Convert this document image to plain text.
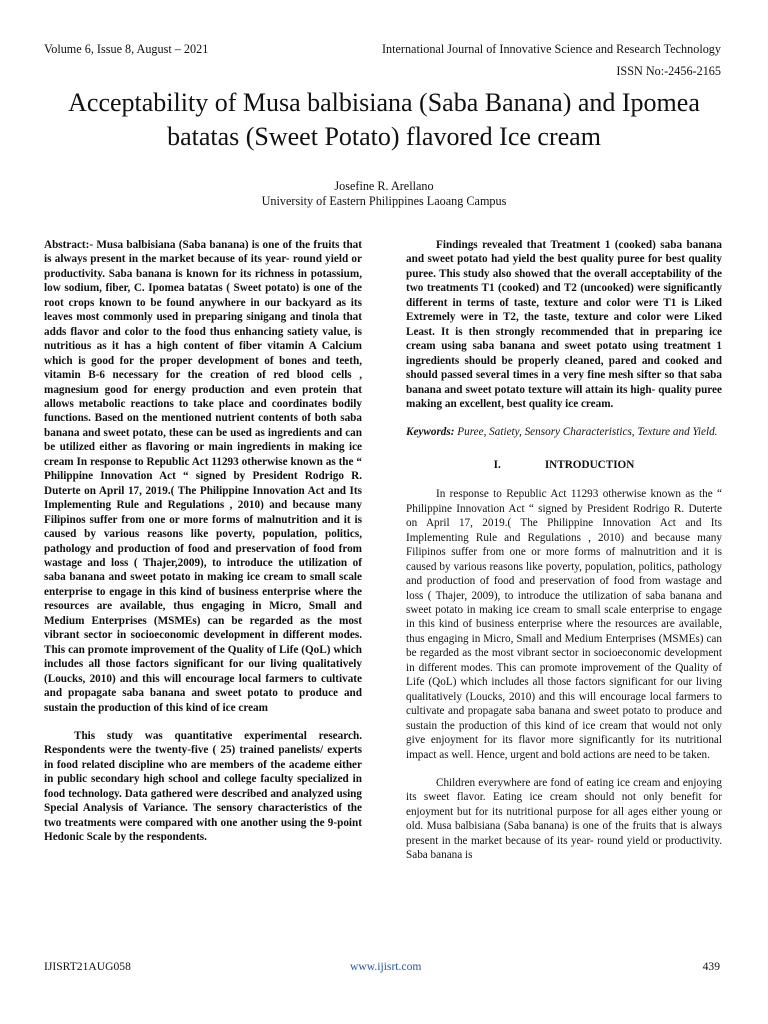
Volume 6, Issue 8, August – 2021	International Journal of Innovative Science and Research Technology
ISSN No:-2456-2165
Acceptability of Musa balbisiana (Saba Banana) and Ipomea batatas (Sweet Potato) flavored Ice cream
Josefine R. Arellano
University of Eastern Philippines Laoang Campus

Abstract:- Musa balbisiana (Saba banana) is one of the fruits that is always present in the market because of its year- round yield or productivity. Saba banana is known for its richness in potassium, low sodium, fiber, C. Ipomea batatas ( Sweet potato) is one of the root crops known to be found anywhere in our backyard as its leaves most commonly used in preparing sinigang and tinola that adds flavor and color to the food thus enhancing satiety value, is nutritious as it has a high content of fiber vitamin A Calcium which is good for the proper development of bones and teeth, vitamin B-6 necessary for the creation of red blood cells , magnesium good for energy production and even protein that allows metabolic reactions to take place and coordinates bodily functions. Based on the mentioned nutrient contents of both saba banana and sweet potato, these can be used as ingredients and can be utilized either as flavoring or main ingredients in making ice cream In response to Republic Act 11293 otherwise known as the “ Philippine Innovation Act “ signed by President Rodrigo R. Duterte on April 17, 2019.( The Philippine Innovation Act and Its Implementing Rule and Regulations , 2010) and because many Filipinos suffer from one or more forms of malnutrition and it is caused by various reasons like poverty, population, politics, pathology and production of food and preservation of food from wastage and loss ( Thajer,2009), to introduce the utilization of saba banana and sweet potato in making ice cream to small scale enterprise to engage in this kind of business enterprise where the resources are available, thus engaging in Micro, Small and Medium Enterprises (MSMEs) can be regarded as the most vibrant sector in socioeconomic development in different modes. This can promote improvement of the Quality of Life (QoL) which includes all those factors significant for our living qualitatively (Loucks, 2010) and this will encourage local farmers to cultivate and propagate saba banana and sweet potato to produce and sustain the production of this kind of ice cream

This study was quantitative experimental research. Respondents were the twenty-five ( 25) trained panelists/ experts in food related discipline who are members of the academe either in public secondary high school and college faculty specialized in food technology. Data gathered were described and analyzed using Special Analysis of Variance. The sensory characteristics of the two treatments were compared with one another using the 9-point Hedonic Scale by the respondents.

Findings revealed that Treatment 1 (cooked) saba banana and sweet potato had yield the best quality puree for best quality puree. This study also showed that the overall acceptability of the two treatments T1 (cooked) and T2 (uncooked) were significantly different in terms of taste, texture and color were T1 is Liked Extremely were in T2, the taste, texture and color were Liked Least. It is then strongly recommended that in preparing ice cream using saba banana and sweet potato using treatment 1 ingredients should be properly cleaned, pared and cooked and should passed several times in a very fine mesh sifter so that saba banana and sweet potato texture will attain its high- quality puree making an excellent, best quality ice cream.

Keywords: Puree, Satiety, Sensory Characteristics, Texture and Yield.

I.	INTRODUCTION

In response to Republic Act 11293 otherwise known as the “ Philippine Innovation Act “ signed by President Rodrigo R. Duterte on April 17, 2019.( The Philippine Innovation Act and Its Implementing Rule and Regulations , 2010) and because many Filipinos suffer from one or more forms of malnutrition and it is caused by various reasons like poverty, population, politics, pathology and production of food and preservation of food from wastage and loss ( Thajer, 2009), to introduce the utilization of saba banana and sweet potato in making ice cream to small scale enterprise to engage in this kind of business enterprise where the resources are available, thus engaging in Micro, Small and Medium Enterprises (MSMEs) can be regarded as the most vibrant sector in socioeconomic development in different modes. This can promote improvement of the Quality of Life (QoL) which includes all those factors significant for our living qualitatively (Loucks, 2010) and this will encourage local farmers to cultivate and propagate saba banana and sweet potato to produce and sustain the production of this kind of ice cream that would not only give enjoyment for its flavor more significantly for its nutritional impact as well. Hence, urgent and bold actions are need to be taken.

Children everywhere are fond of eating ice cream and enjoying its sweet flavor. Eating ice cream should not only benefit for enjoyment but for its nutritional purpose for all ages either young or old. Musa balbisiana (Saba banana) is one of the fruits that is always present in the market because of its year- round yield or productivity. Saba banana is

IJISRT21AUG058	www.ijisrt.com	439
